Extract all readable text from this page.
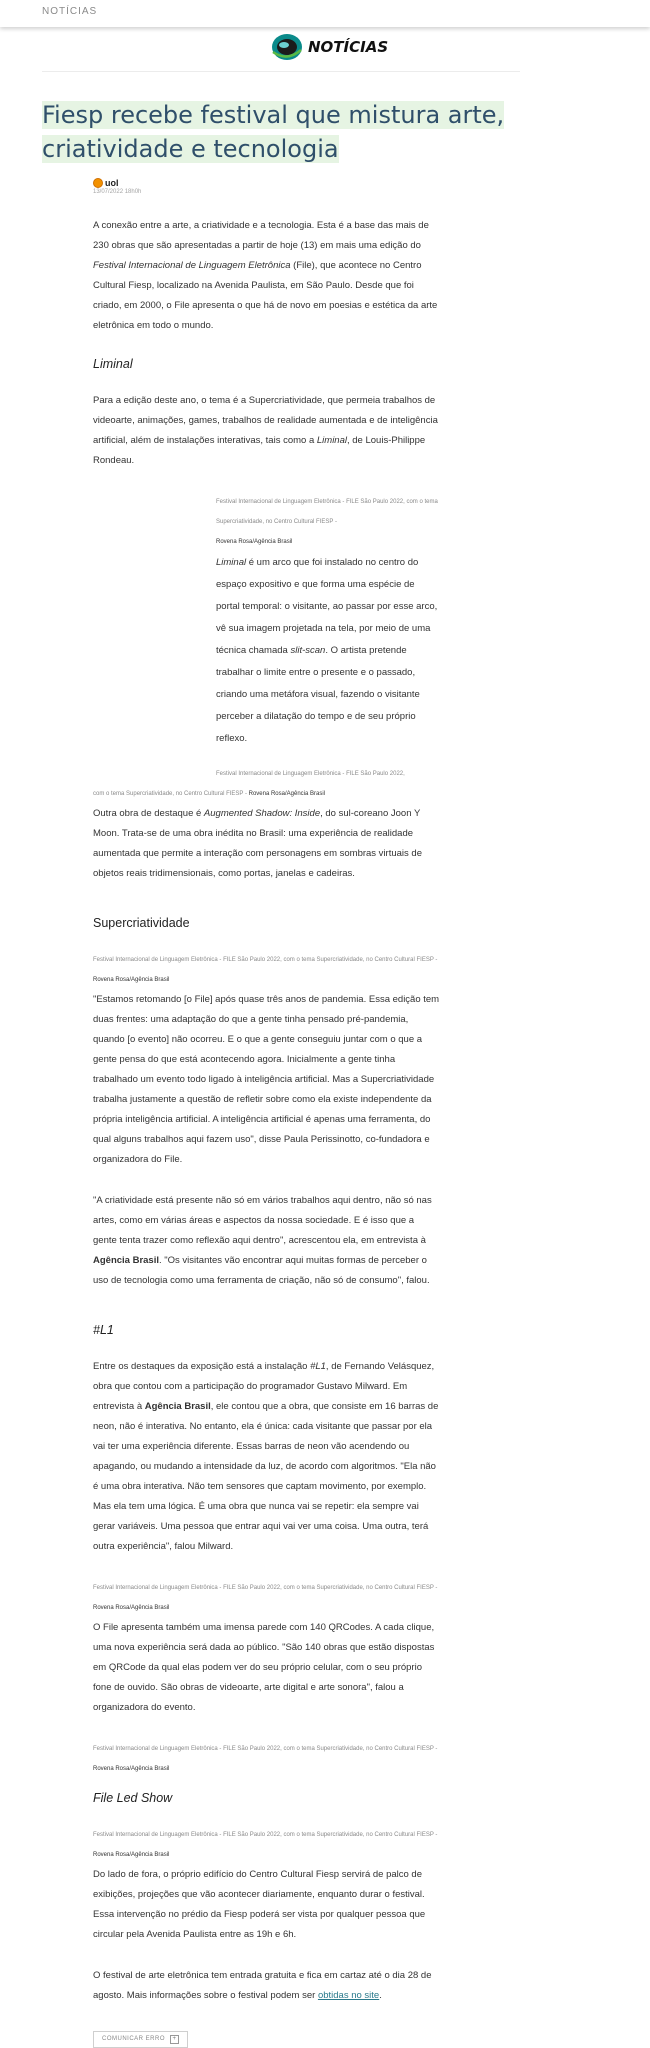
NOTÍCIAS
NOTÍCIAS
Fiesp recebe festival que mistura arte, criatividade e tecnologia
uol
13/07/2022 18h0h

A conexão entre a arte, a criatividade e a tecnologia. Esta é a base das mais de 230 obras que são apresentadas a partir de hoje (13) em mais uma edição do Festival Internacional de Linguagem Eletrônica (File), que acontece no Centro Cultural Fiesp, localizado na Avenida Paulista, em São Paulo. Desde que foi criado, em 2000, o File apresenta o que há de novo em poesias e estética da arte eletrônica em todo o mundo.

Liminal

Para a edição deste ano, o tema é a Supercriatividade, que permeia trabalhos de videoarte, animações, games, trabalhos de realidade aumentada e de inteligência artificial, além de instalações interativas, tais como a Liminal, de Louis-Philippe Rondeau.

Festival Internacional de Linguagem Eletrônica - FILE São Paulo 2022, com o tema Supercriatividade, no Centro Cultural FIESP -
Rovena Rosa/Agência Brasil

Liminal é um arco que foi instalado no centro do espaço expositivo e que forma uma espécie de portal temporal: o visitante, ao passar por esse arco, vê sua imagem projetada na tela, por meio de uma técnica chamada slit-scan. O artista pretende trabalhar o limite entre o presente e o passado, criando uma metáfora visual, fazendo o visitante perceber a dilatação do tempo e de seu próprio reflexo.

Festival Internacional de Linguagem Eletrônica - FILE São Paulo 2022,
com o tema Supercriatividade, no Centro Cultural FIESP - Rovena Rosa/Agência Brasil

Outra obra de destaque é Augmented Shadow: Inside, do sul-coreano Joon Y Moon. Trata-se de uma obra inédita no Brasil: uma experiência de realidade aumentada que permite a interação com personagens em sombras virtuais de objetos reais tridimensionais, como portas, janelas e cadeiras.

Supercriatividade

Festival Internacional de Linguagem Eletrônica - FILE São Paulo 2022, com o tema Supercriatividade, no Centro Cultural FIESP - Rovena Rosa/Agência Brasil

"Estamos retomando [o File] após quase três anos de pandemia. Essa edição tem duas frentes: uma adaptação do que a gente tinha pensado pré-pandemia, quando [o evento] não ocorreu. E o que a gente conseguiu juntar com o que a gente pensa do que está acontecendo agora. Inicialmente a gente tinha trabalhado um evento todo ligado à inteligência artificial. Mas a Supercriatividade trabalha justamente a questão de refletir sobre como ela existe independente da própria inteligência artificial. A inteligência artificial é apenas uma ferramenta, do qual alguns trabalhos aqui fazem uso", disse Paula Perissinotto, co-fundadora e organizadora do File.

"A criatividade está presente não só em vários trabalhos aqui dentro, não só nas artes, como em várias áreas e aspectos da nossa sociedade. E é isso que a gente tenta trazer como reflexão aqui dentro", acrescentou ela, em entrevista à Agência Brasil. "Os visitantes vão encontrar aqui muitas formas de perceber o uso de tecnologia como uma ferramenta de criação, não só de consumo", falou.

#L1

Entre os destaques da exposição está a instalação #L1, de Fernando Velásquez, obra que contou com a participação do programador Gustavo Milward. Em entrevista à Agência Brasil, ele contou que a obra, que consiste em 16 barras de neon, não é interativa. No entanto, ela é única: cada visitante que passar por ela vai ter uma experiência diferente. Essas barras de neon vão acendendo ou apagando, ou mudando a intensidade da luz, de acordo com algoritmos. "Ela não é uma obra interativa. Não tem sensores que captam movimento, por exemplo. Mas ela tem uma lógica. É uma obra que nunca vai se repetir: ela sempre vai gerar variáveis. Uma pessoa que entrar aqui vai ver uma coisa. Uma outra, terá outra experiência", falou Milward.

Festival Internacional de Linguagem Eletrônica - FILE São Paulo 2022, com o tema Supercriatividade, no Centro Cultural FIESP - Rovena Rosa/Agência Brasil

O File apresenta também uma imensa parede com 140 QRCodes. A cada clique, uma nova experiência será dada ao público. "São 140 obras que estão dispostas em QRCode da qual elas podem ver do seu próprio celular, com o seu próprio fone de ouvido. São obras de videoarte, arte digital e arte sonora", falou a organizadora do evento.

Festival Internacional de Linguagem Eletrônica - FILE São Paulo 2022, com o tema Supercriatividade, no Centro Cultural FIESP - Rovena Rosa/Agência Brasil

File Led Show

Festival Internacional de Linguagem Eletrônica - FILE São Paulo 2022, com o tema Supercriatividade, no Centro Cultural FIESP - Rovena Rosa/Agência Brasil

Do lado de fora, o próprio edifício do Centro Cultural Fiesp servirá de palco de exibições, projeções que vão acontecer diariamente, enquanto durar o festival. Essa intervenção no prédio da Fiesp poderá ser vista por qualquer pessoa que circular pela Avenida Paulista entre as 19h e 6h.

O festival de arte eletrônica tem entrada gratuita e fica em cartaz até o dia 28 de agosto. Mais informações sobre o festival podem ser obtidas no site.

COMUNICAR ERRO	+
